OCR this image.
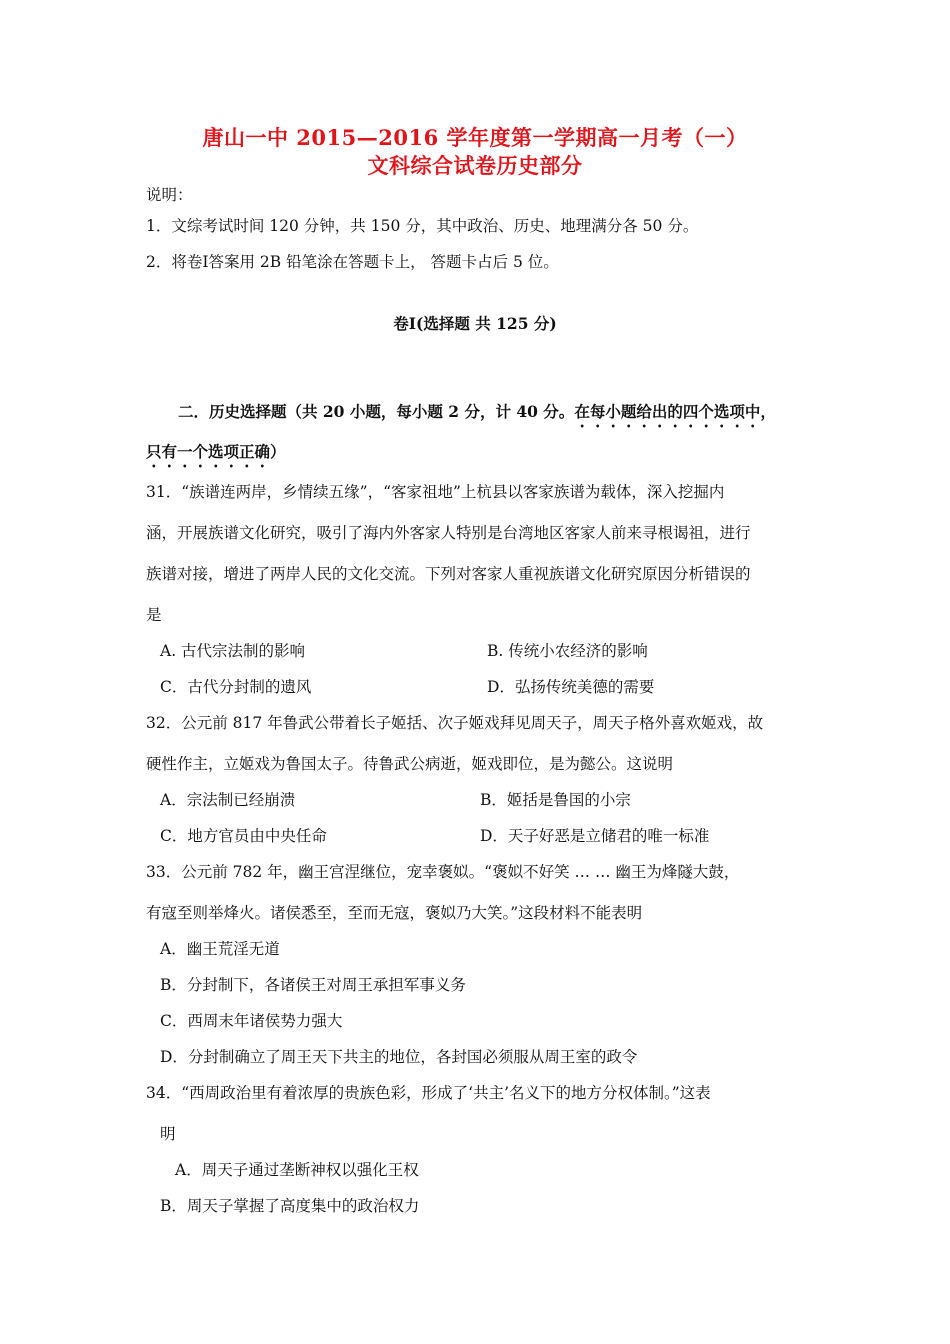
唐山一中 2015—2016 学年度第一学期高一月考（一）
文科综合试卷历史部分
说明：
1．文综考试时间 120 分钟，共 150 分，其中政治、历史、地理满分各 50 分。
2．将卷Ⅰ答案用 2B 铅笔涂在答题卡上， 答题卡占后 5 位。
卷Ⅰ(选择题 共 125 分)
二．历史选择题（共 20 小题，每小题 2 分，计 40 分。在每小题给出的四个选项中，
只有一个选项正确）
31．“族谱连两岸，乡情续五缘”，“客家祖地”上杭县以客家族谱为载体，深入挖掘内
涵，开展族谱文化研究，吸引了海内外客家人特别是台湾地区客家人前来寻根谒祖，进行
族谱对接，增进了两岸人民的文化交流。下列对客家人重视族谱文化研究原因分析错误的
是
A. 古代宗法制的影响	B. 传统小农经济的影响
C．古代分封制的遗风	D．弘扬传统美德的需要
32．公元前 817 年鲁武公带着长子姬括、次子姬戏拜见周天子，周天子格外喜欢姬戏，故
硬性作主，立姬戏为鲁国太子。待鲁武公病逝，姬戏即位，是为懿公。这说明
A．宗法制已经崩溃	B．姬括是鲁国的小宗
C．地方官员由中央任命	D．天子好恶是立储君的唯一标准
33．公元前 782 年，幽王宫涅继位，宠幸褒姒。“褒姒不好笑 … … 幽王为烽隧大鼓，
有寇至则举烽火。诸侯悉至，至而无寇，褒姒乃大笑。”这段材料不能表明
A．幽王荒淫无道
B．分封制下，各诸侯王对周王承担军事义务
C．西周末年诸侯势力强大
D．分封制确立了周王天下共主的地位，各封国必须服从周王室的政令
34．“西周政治里有着浓厚的贵族色彩，形成了‘共主’名义下的地方分权体制。”这表
明
A．周天子通过垄断神权以强化王权
B．周天子掌握了高度集中的政治权力
